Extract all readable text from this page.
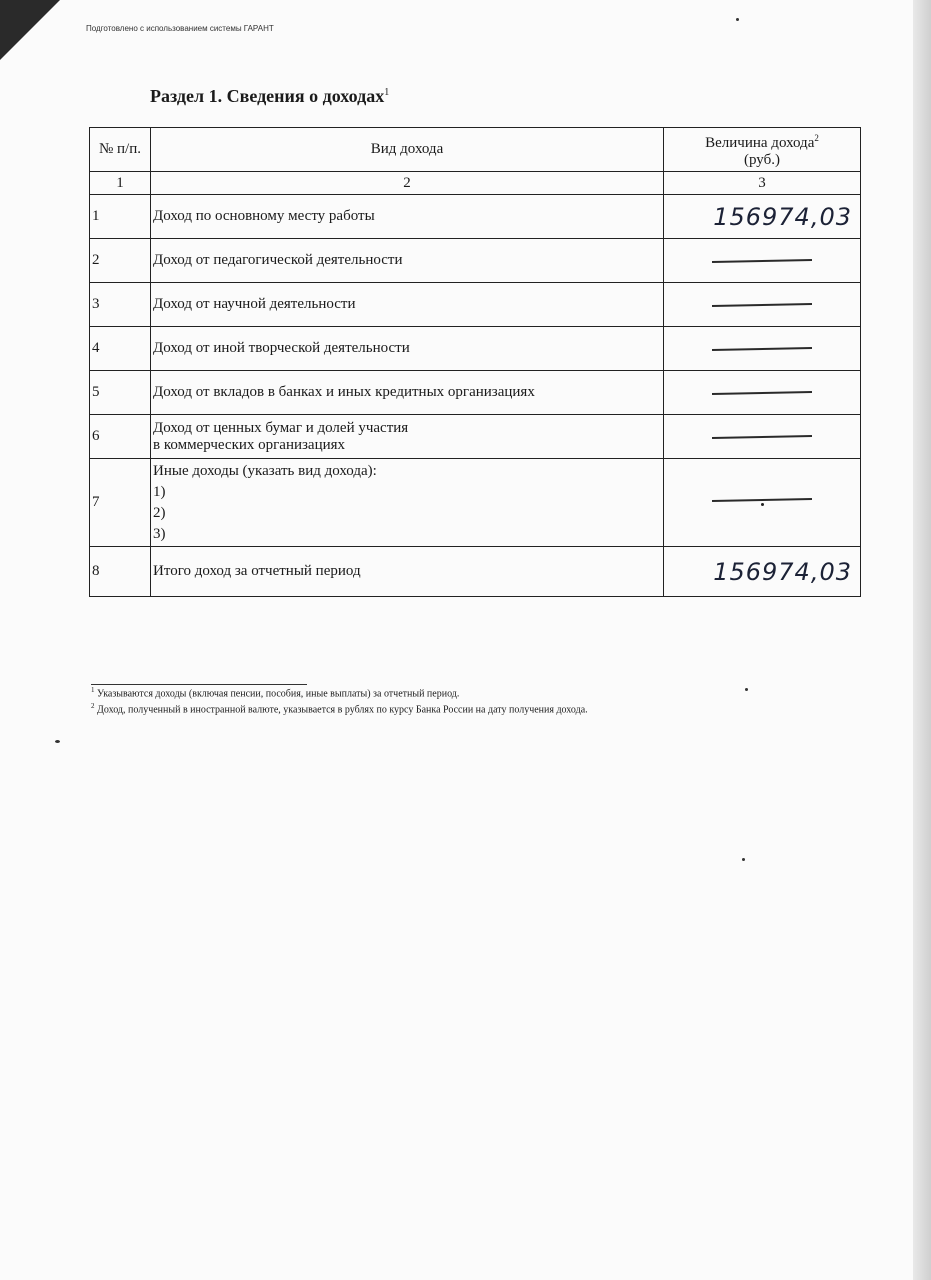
Подготовлено с использованием системы ГАРАНТ
Раздел 1. Сведения о доходах$^1$
№ п/п.	Вид дохода	Величина дохода$^2$
(руб.)
1	2	3
1	Доход по основному месту работы	156974,03

2	Доход от педагогической деятельности	

3	Доход от научной деятельности	

4	Доход от иной творческой деятельности	

5	Доход от вкладов в банках и иных кредитных организациях	

6	Доход от ценных бумаг и долей участия
в коммерческих организациях	

7	Иные доходы (указать вид дохода):
1)
2)
3)	

8	Итого доход за отчетный период	156974,03
$^1$ Указываются доходы (включая пенсии, пособия, иные выплаты) за отчетный период.
$^2$ Доход, полученный в иностранной валюте, указывается в рублях по курсу Банка России на дату получения дохода.
